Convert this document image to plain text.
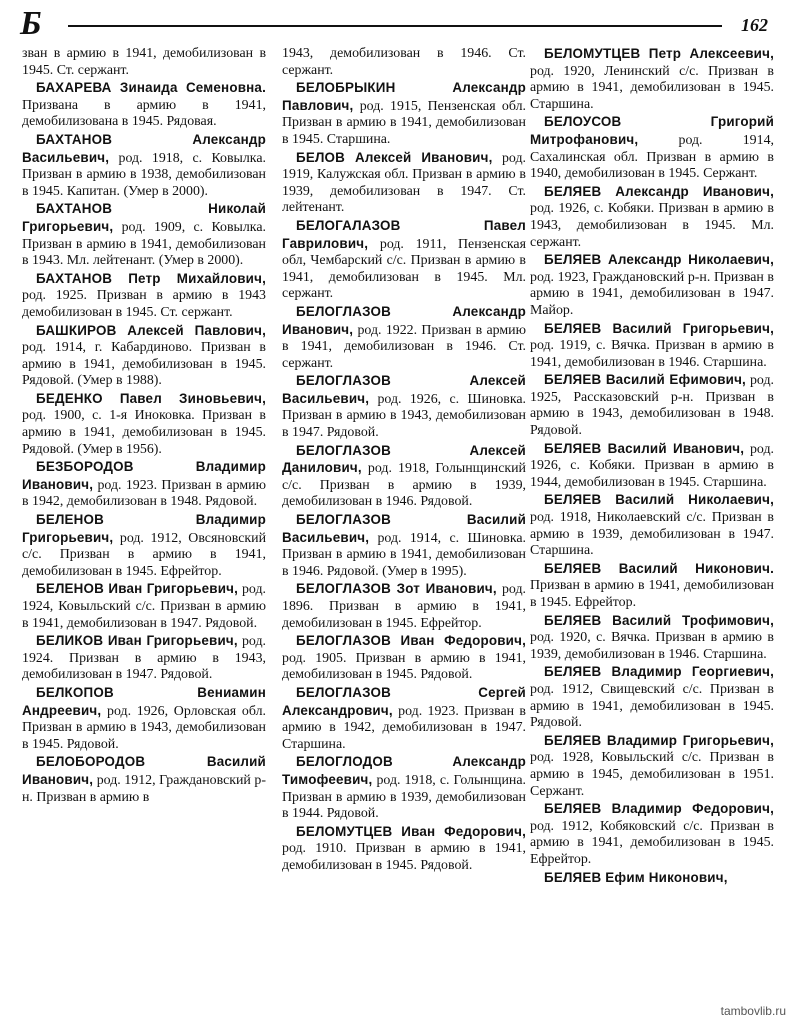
Б	162

зван в армию в 1941, демобилизован в 1945. Ст. сержант.

БАХАРЕВА Зинаида Семеновна. Призвана в армию в 1941, демобилизована в 1945. Рядовая.

БАХТАНОВ Александр Васильевич, род. 1918, с. Ковылка. Призван в армию в 1938, демобилизован в 1945. Капитан. (Умер в 2000).

БАХТАНОВ Николай Григорьевич, род. 1909, с. Ковылка. Призван в армию в 1941, демобилизован в 1943. Мл. лейтенант. (Умер в 2000).

БАХТАНОВ Петр Михайлович, род. 1925. Призван в армию в 1943 демобилизован в 1945. Ст. сержант.

БАШКИРОВ Алексей Павлович, род. 1914, г. Кабардиново. Призван в армию в 1941, демобилизован в 1945. Рядовой. (Умер в 1988).

БЕДЕНКО Павел Зиновьевич, род. 1900, с. 1-я Иноковка. Призван в армию в 1941, демобилизован в 1945. Рядовой. (Умер в 1956).

БЕЗБОРОДОВ Владимир Иванович, род. 1923. Призван в армию в 1942, демобилизован в 1948. Рядовой.

БЕЛЕНОВ Владимир Григорьевич, род. 1912, Овсяновский с/с. Призван в армию в 1941, демобилизован в 1945. Ефрейтор.

БЕЛЕНОВ Иван Григорьевич, род. 1924, Ковыльский с/с. Призван в армию в 1941, демобилизован в 1947. Рядовой.

БЕЛИКОВ Иван Григорьевич, род. 1924. Призван в армию в 1943, демобилизован в 1947. Рядовой.

БЕЛКОПОВ Вениамин Андреевич, род. 1926, Орловская обл. Призван в армию в 1943, демобилизован в 1945. Рядовой.

БЕЛОБОРОДОВ Василий Иванович, род. 1912, Граждановский р-н. Призван в армию в

1943, демобилизован в 1946. Ст. сержант.

БЕЛОБРЫКИН Александр Павлович, род. 1915, Пензенская обл. Призван в армию в 1941, демобилизован в 1945. Старшина.

БЕЛОВ Алексей Иванович, род. 1919, Калужская обл. Призван в армию в 1939, демобилизован в 1947. Ст. лейтенант.

БЕЛОГАЛАЗОВ Павел Гаврилович, род. 1911, Пензенская обл, Чембарский с/с. Призван в армию в 1941, демобилизован в 1945. Мл. сержант.

БЕЛОГЛАЗОВ Александр Иванович, род. 1922. Призван в армию в 1941, демобилизован в 1946. Ст. сержант.

БЕЛОГЛАЗОВ Алексей Васильевич, род. 1926, с. Шиновка. Призван в армию в 1943, демобилизован в 1947. Рядовой.

БЕЛОГЛАЗОВ Алексей Данилович, род. 1918, Голынщинский с/с. Призван в армию в 1939, демобилизован в 1946. Рядовой.

БЕЛОГЛАЗОВ Василий Васильевич, род. 1914, с. Шиновка. Призван в армию в 1941, демобилизован в 1946. Рядовой. (Умер в 1995).

БЕЛОГЛАЗОВ Зот Иванович, род. 1896. Призван в армию в 1941, демобилизован в 1945. Ефрейтор.

БЕЛОГЛАЗОВ Иван Федорович, род. 1905. Призван в армию в 1941, демобилизован в 1945. Рядовой.

БЕЛОГЛАЗОВ Сергей Александрович, род. 1923. Призван в армию в 1942, демобилизован в 1947. Старшина.

БЕЛОГЛОДОВ Александр Тимофеевич, род. 1918, с. Голынщина. Призван в армию в 1939, демобилизован в 1944. Рядовой.

БЕЛОМУТЦЕВ Иван Федорович, род. 1910. Призван в армию в 1941, демобилизован в 1945. Рядовой.

БЕЛОМУТЦЕВ Петр Алексеевич, род. 1920, Ленинский с/с. Призван в армию в 1941, демобилизован в 1945. Старшина.

БЕЛОУСОВ Григорий Митрофанович, род. 1914, Сахалинская обл. Призван в армию в 1940, демобилизован в 1945. Сержант.

БЕЛЯЕВ Александр Иванович, род. 1926, с. Кобяки. Призван в армию в 1943, демобилизован в 1945. Мл. сержант.

БЕЛЯЕВ Александр Николаевич, род. 1923, Граждановский р-н. Призван в армию в 1941, демобилизован в 1947. Майор.

БЕЛЯЕВ Василий Григорьевич, род. 1919, с. Вячка. Призван в армию в 1941, демобилизован в 1946. Старшина.

БЕЛЯЕВ Василий Ефимович, род. 1925, Рассказовский р-н. Призван в армию в 1943, демобилизован в 1948. Рядовой.

БЕЛЯЕВ Василий Иванович, род. 1926, с. Кобяки. Призван в армию в 1944, демобилизован в 1945. Старшина.

БЕЛЯЕВ Василий Николаевич, род. 1918, Николаевский с/с. Призван в армию в 1939, демобилизован в 1947. Старшина.

БЕЛЯЕВ Василий Никонович. Призван в армию в 1941, демобилизован в 1945. Ефрейтор.

БЕЛЯЕВ Василий Трофимович, род. 1920, с. Вячка. Призван в армию в 1939, демобилизован в 1946. Старшина.

БЕЛЯЕВ Владимир Георгиевич, род. 1912, Свищевский с/с. Призван в армию в 1941, демобилизован в 1945. Рядовой.

БЕЛЯЕВ Владимир Григорьевич, род. 1928, Ковыльский с/с. Призван в армию в 1945, демобилизован в 1951. Сержант.

БЕЛЯЕВ Владимир Федорович, род. 1912, Кобяковский с/с. Призван в армию в 1941, демобилизован в 1945. Ефрейтор.

БЕЛЯЕВ Ефим Никонович,

tambovlib.ru
